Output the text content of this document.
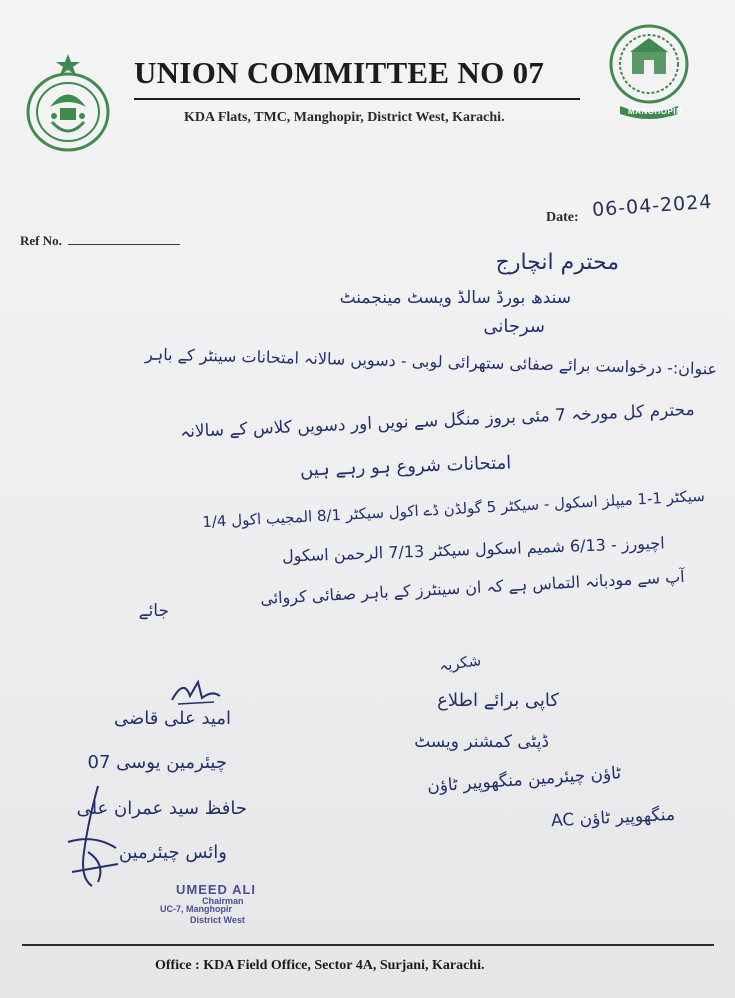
MANGHOPIR
UNION COMMITTEE NO 07
KDA Flats, TMC, Manghopir, District West, Karachi.
Date: 06-04-2024
Ref No.
محترم انچارج
سندھ بورڈ سالڈ ویسٹ مینجمنٹ
سرجانی
عنوان:- درخواست برائے صفائی ستھرائی لوبی - دسویں سالانہ امتحانات سینٹر کے باہر
محترم کل مورخہ 7 مئی بروز منگل سے نویں اور دسویں کلاس کے سالانہ
امتحانات شروع ہو رہے ہیں
سیکٹر 1-1 میپلز اسکول - سیکٹر 5 گولڈن ڈے اکول سیکٹر 8/1 المجیب اکول 1/4
اچیورز - 6/13 شمیم اسکول سیکٹر 7/13 الرحمن اسکول
آپ سے مودبانہ التماس ہے کہ ان سینٹرز کے باہر صفائی کروائی
جائے
شکریہ
امید علی قاضی
چیئرمین یوسی 07
حافظ سید عمران علی
وائس چیئرمین
کاپی برائے اطلاع
ڈپٹی کمشنر ویسٹ
ٹاؤن چیئرمین منگھوپیر ٹاؤن
منگھوپیر ٹاؤن AC
UMEED ALI
Chairman
UC-7, Manghopir
District West
Office : KDA Field Office, Sector 4A, Surjani, Karachi.
